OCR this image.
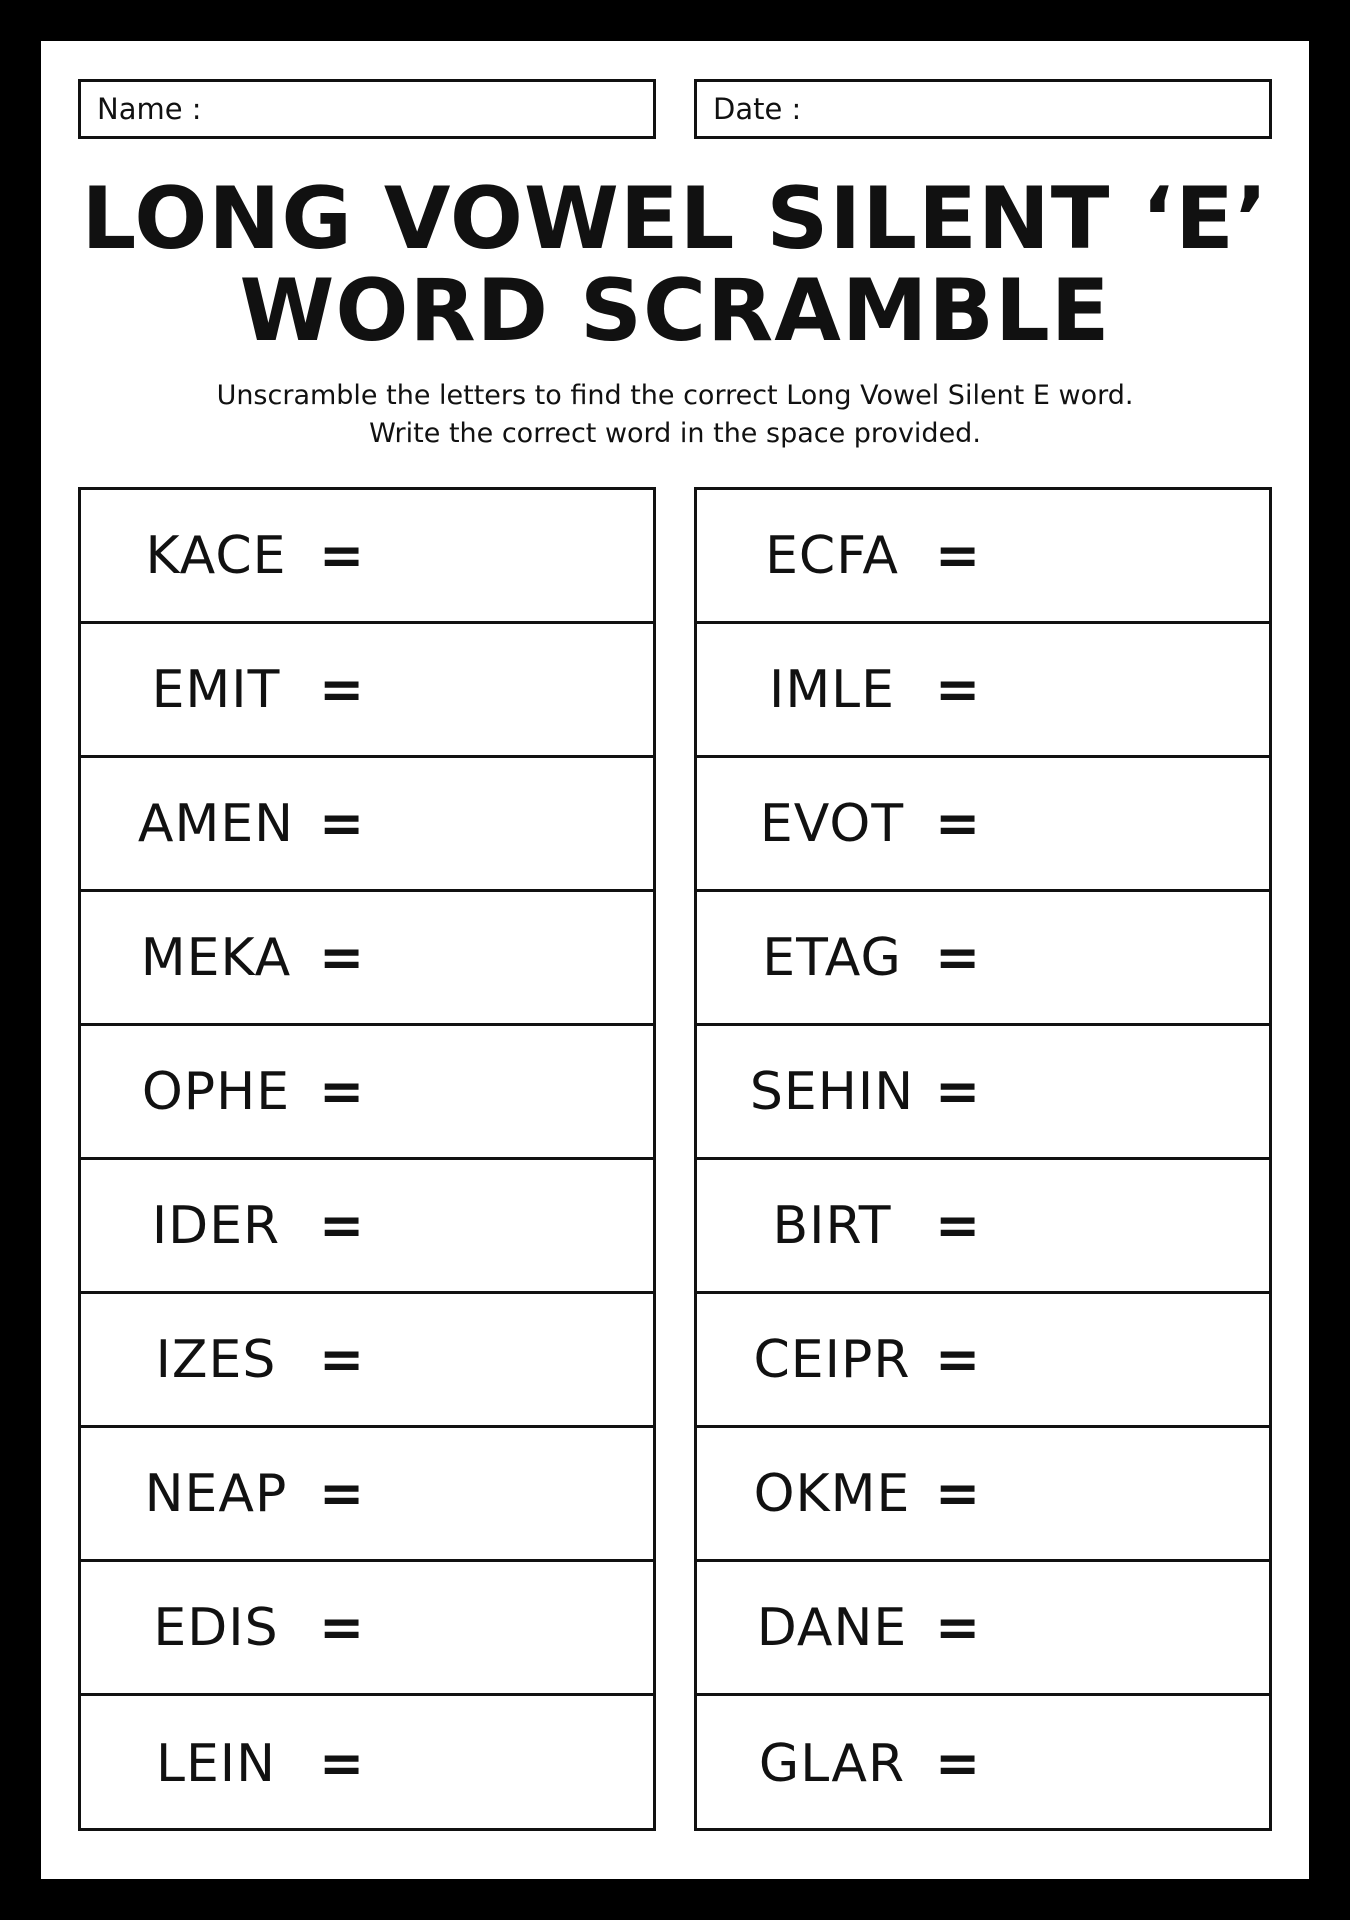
Name :	Date :
LONG VOWEL SILENT ‘E’
WORD SCRAMBLE
Unscramble the letters to find the correct Long Vowel Silent E word.
Write the correct word in the space provided.
KACE =
EMIT =
AMEN =
MEKA =
OPHE =
IDER =
IZES =
NEAP =
EDIS =
LEIN =
ECFA =
IMLE =
EVOT =
ETAG =
SEHIN =
BIRT =
CEIPR =
OKME =
DANE =
GLAR =
